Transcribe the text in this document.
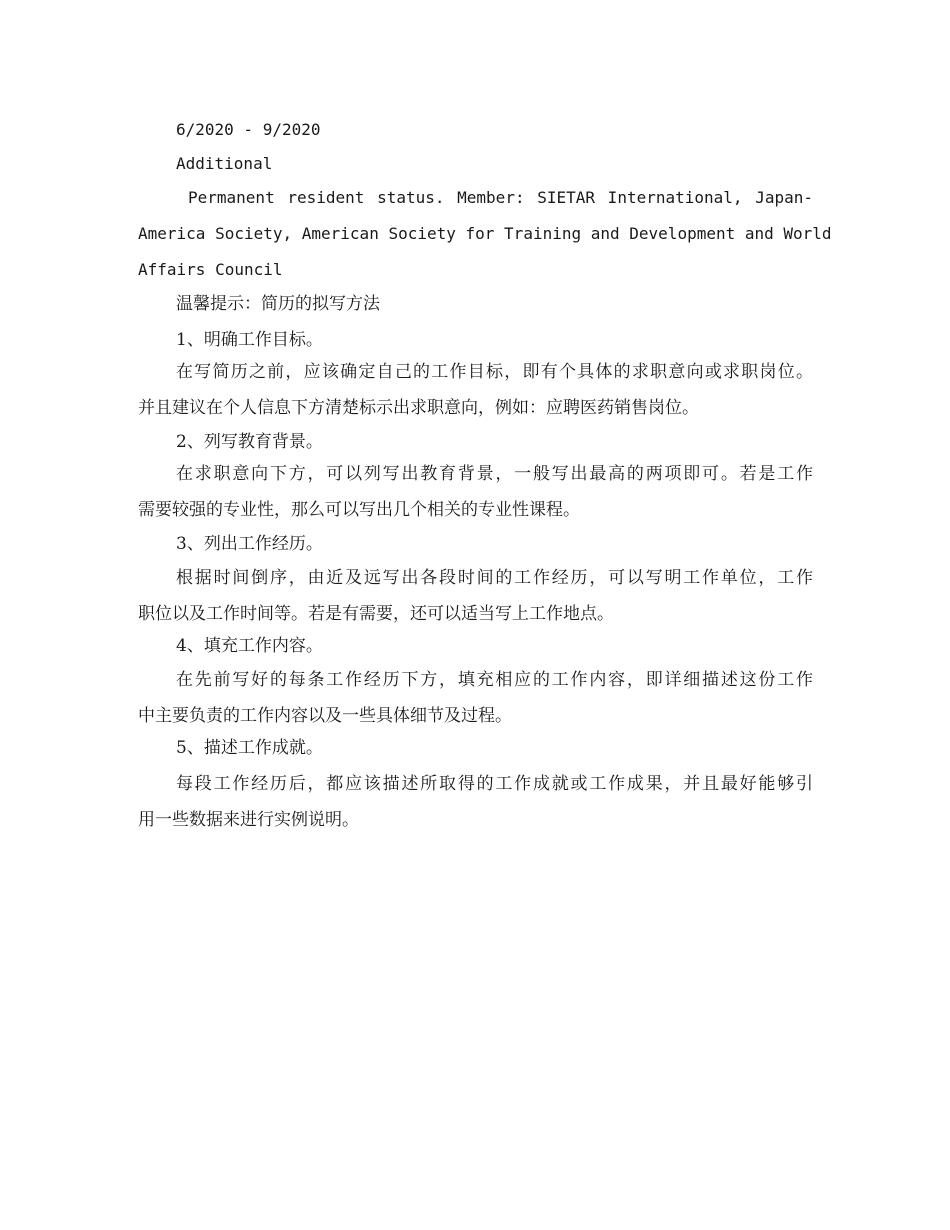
6/2020 - 9/2020
Additional
Permanent resident status. Member: SIETAR International, Japan-
America Society, American Society for Training and Development and World
Affairs Council
温馨提示：简历的拟写方法
1、明确工作目标。
在写简历之前，应该确定自己的工作目标，即有个具体的求职意向或求职岗位。
并且建议在个人信息下方清楚标示出求职意向，例如：应聘医药销售岗位。
2、列写教育背景。
在求职意向下方，可以列写出教育背景，一般写出最高的两项即可。若是工作
需要较强的专业性，那么可以写出几个相关的专业性课程。
3、列出工作经历。
根据时间倒序，由近及远写出各段时间的工作经历，可以写明工作单位，工作
职位以及工作时间等。若是有需要，还可以适当写上工作地点。
4、填充工作内容。
在先前写好的每条工作经历下方，填充相应的工作内容，即详细描述这份工作
中主要负责的工作内容以及一些具体细节及过程。
5、描述工作成就。
每段工作经历后，都应该描述所取得的工作成就或工作成果，并且最好能够引
用一些数据来进行实例说明。
